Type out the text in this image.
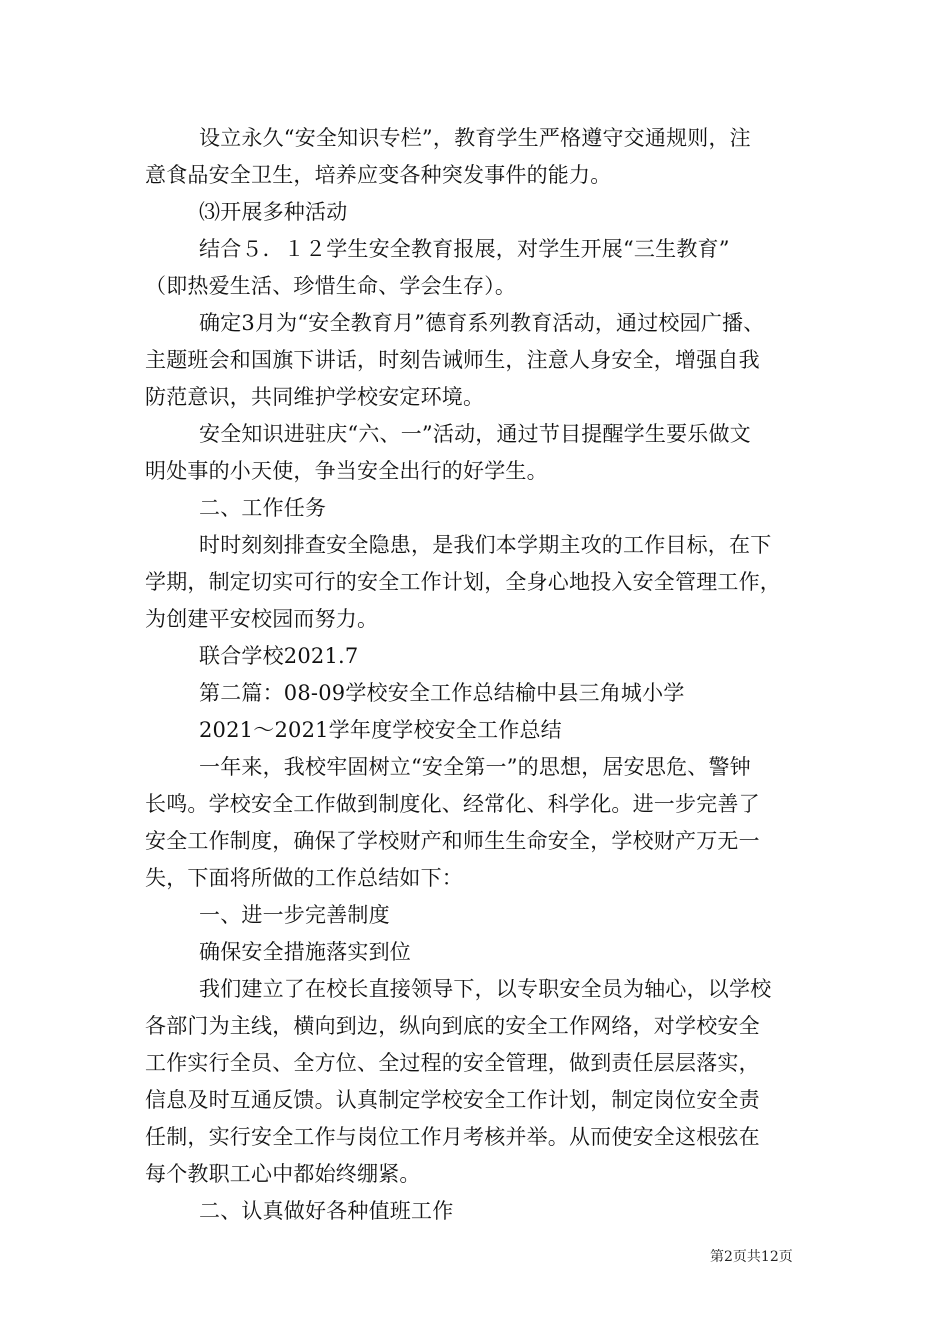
设立永久“安全知识专栏”，教育学生严格遵守交通规则，注
意食品安全卫生，培养应变各种突发事件的能力。
⑶开展多种活动
结合５．１２学生安全教育报展，对学生开展“三生教育”
（即热爱生活、珍惜生命、学会生存）。
确定3月为“安全教育月”德育系列教育活动，通过校园广播、
主题班会和国旗下讲话，时刻告诫师生，注意人身安全，增强自我
防范意识，共同维护学校安定环境。
安全知识进驻庆“六、一”活动，通过节目提醒学生要乐做文
明处事的小天使，争当安全出行的好学生。
二、工作任务
时时刻刻排查安全隐患，是我们本学期主攻的工作目标，在下
学期，制定切实可行的安全工作计划，全身心地投入安全管理工作，
为创建平安校园而努力。
联合学校2021.7
第二篇：08-09学校安全工作总结榆中县三角城小学
2021～2021学年度学校安全工作总结
一年来，我校牢固树立“安全第一”的思想，居安思危、警钟
长鸣。学校安全工作做到制度化、经常化、科学化。进一步完善了
安全工作制度，确保了学校财产和师生生命安全，学校财产万无一
失，下面将所做的工作总结如下：
一、进一步完善制度
确保安全措施落实到位
我们建立了在校长直接领导下，以专职安全员为轴心，以学校
各部门为主线，横向到边，纵向到底的安全工作网络，对学校安全
工作实行全员、全方位、全过程的安全管理，做到责任层层落实，
信息及时互通反馈。认真制定学校安全工作计划，制定岗位安全责
任制，实行安全工作与岗位工作月考核并举。从而使安全这根弦在
每个教职工心中都始终绷紧。
二、认真做好各种值班工作
第2页共12页
